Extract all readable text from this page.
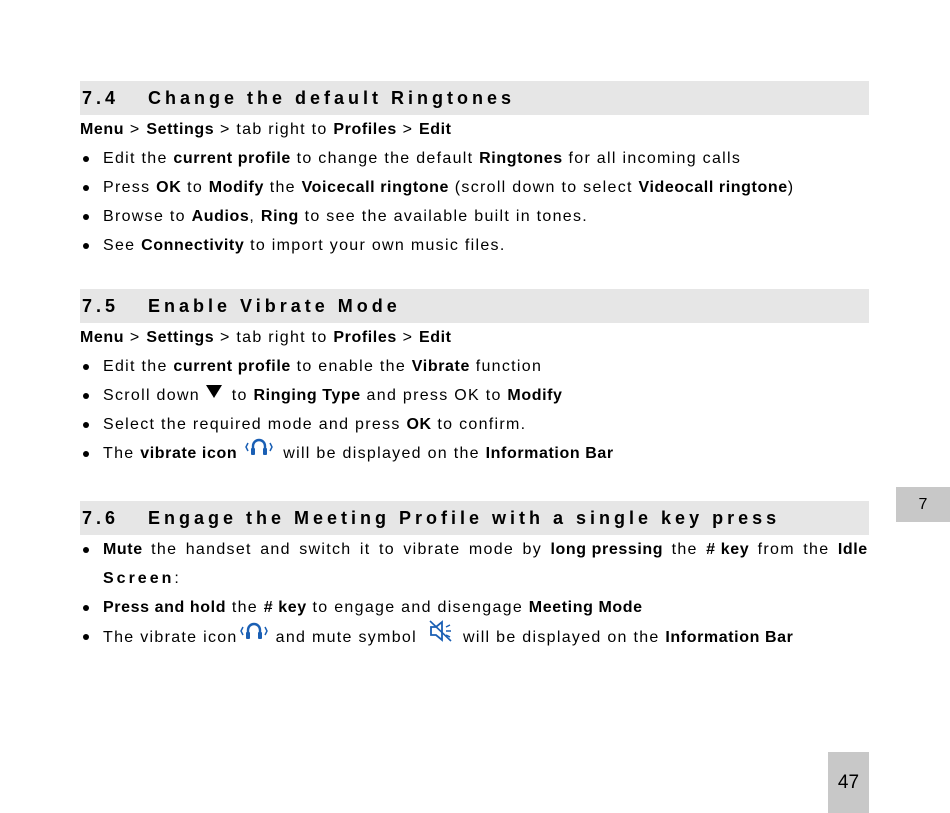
7.4	Change the default Ringtones
Menu > Settings > tab right to Profiles > Edit
Edit the current profile to change the default Ringtones for all incoming calls
Press OK to Modify the Voicecall ringtone (scroll down to select Videocall ringtone)
Browse to Audios, Ring to see the available built in tones.
See Connectivity to import your own music files.
7.5	Enable Vibrate Mode
Menu > Settings > tab right to Profiles > Edit
Edit the current profile to enable the Vibrate function
Scroll down to Ringing Type and press OK to Modify
Select the required mode and press OK to confirm.
The vibrate icon	will be displayed on the Information Bar
7.6	Engage the Meeting Profile with a single key press
Mute the handset and switch it to vibrate mode by long pressing the # key from the Idle
Screen:
Press and hold the # key to engage and disengage Meeting Mode
The vibrate icon and mute symbol	will be displayed on the Information Bar
7
47
